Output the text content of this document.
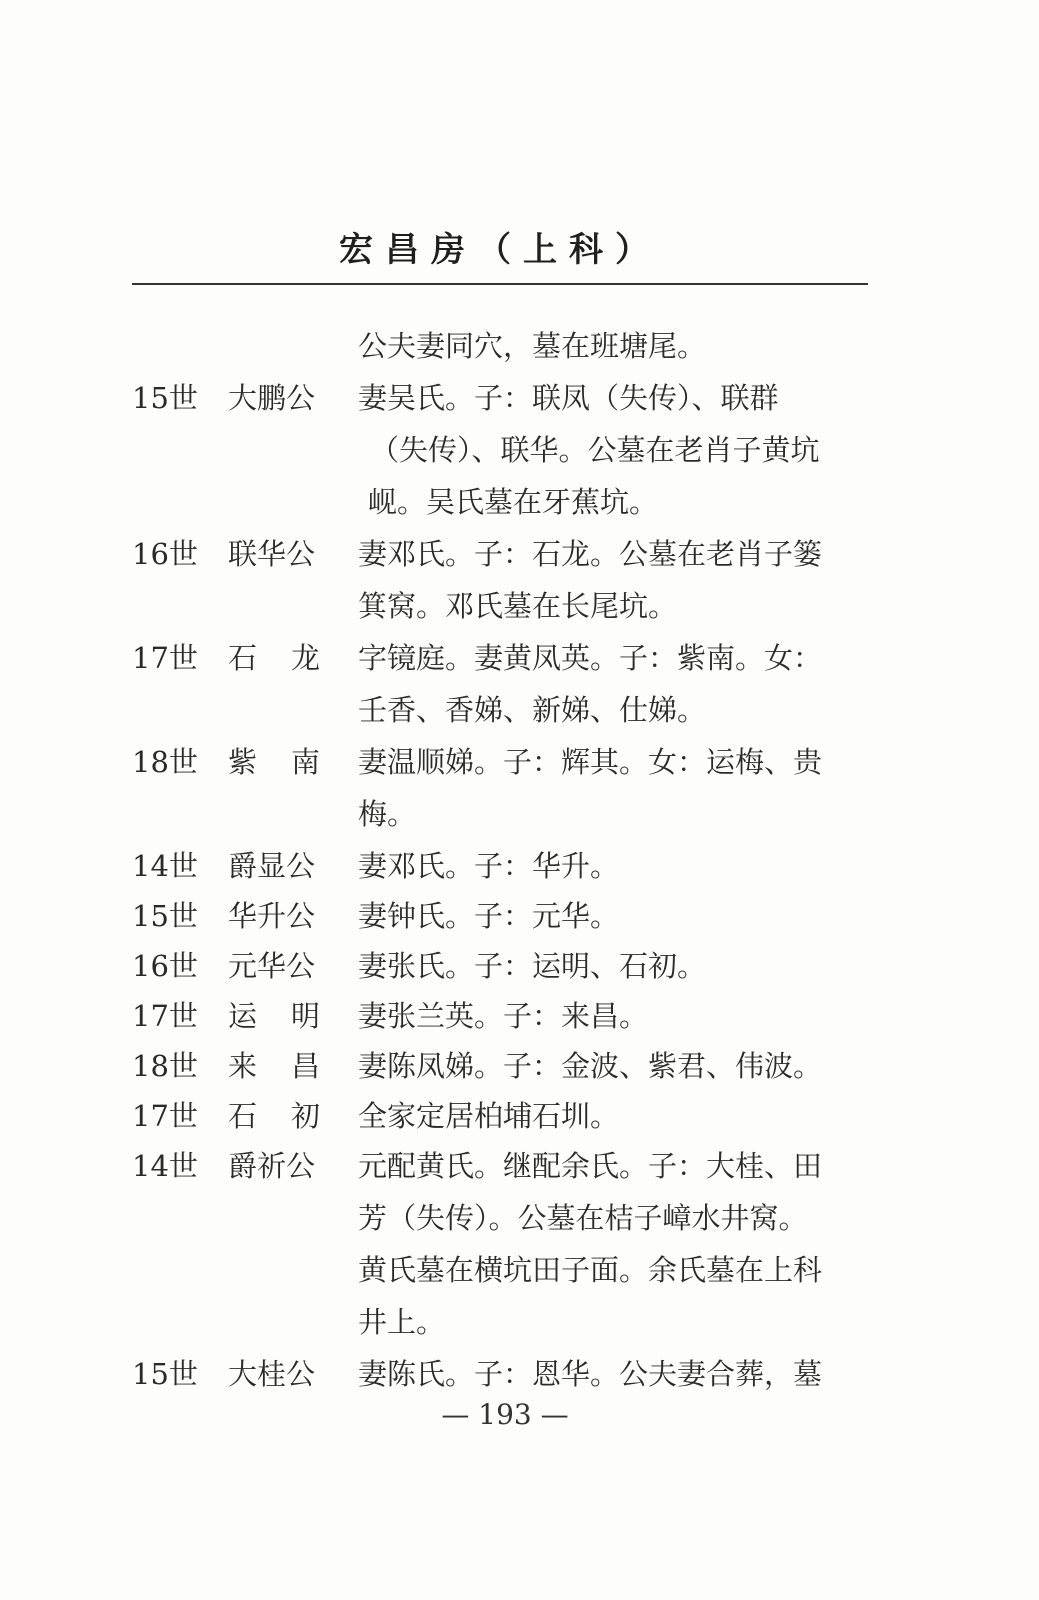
宏昌房（上科）
公夫妻同穴，墓在班塘尾。
15世	大鹏公	妻吴氏。子：联凤（失传）、联群
（失传）、联华。公墓在老肖子黄坑
岘。吴氏墓在牙蕉坑。
16世	联华公	妻邓氏。子：石龙。公墓在老肖子篓
箕窝。邓氏墓在长尾坑。
17世	石龙 字镜庭。妻黄凤英。子：紫南。女：
壬香、香娣、新娣、仕娣。
18世	紫南 妻温顺娣。子：辉其。女：运梅、贵
梅。
14世	爵显公	妻邓氏。子：华升。
15世	华升公	妻钟氏。子：元华。
16世	元华公	妻张氏。子：运明、石初。
17世	运明 妻张兰英。子：来昌。
18世	来昌 妻陈凤娣。子：金波、紫君、伟波。
17世	石初 全家定居柏埔石圳。
14世	爵祈公	元配黄氏。继配余氏。子：大桂、田
芳（失传）。公墓在桔子嶂水井窝。
黄氏墓在横坑田子面。余氏墓在上科
井上。
15世	大桂公	妻陈氏。子：恩华。公夫妻合葬，墓
— 193 —
